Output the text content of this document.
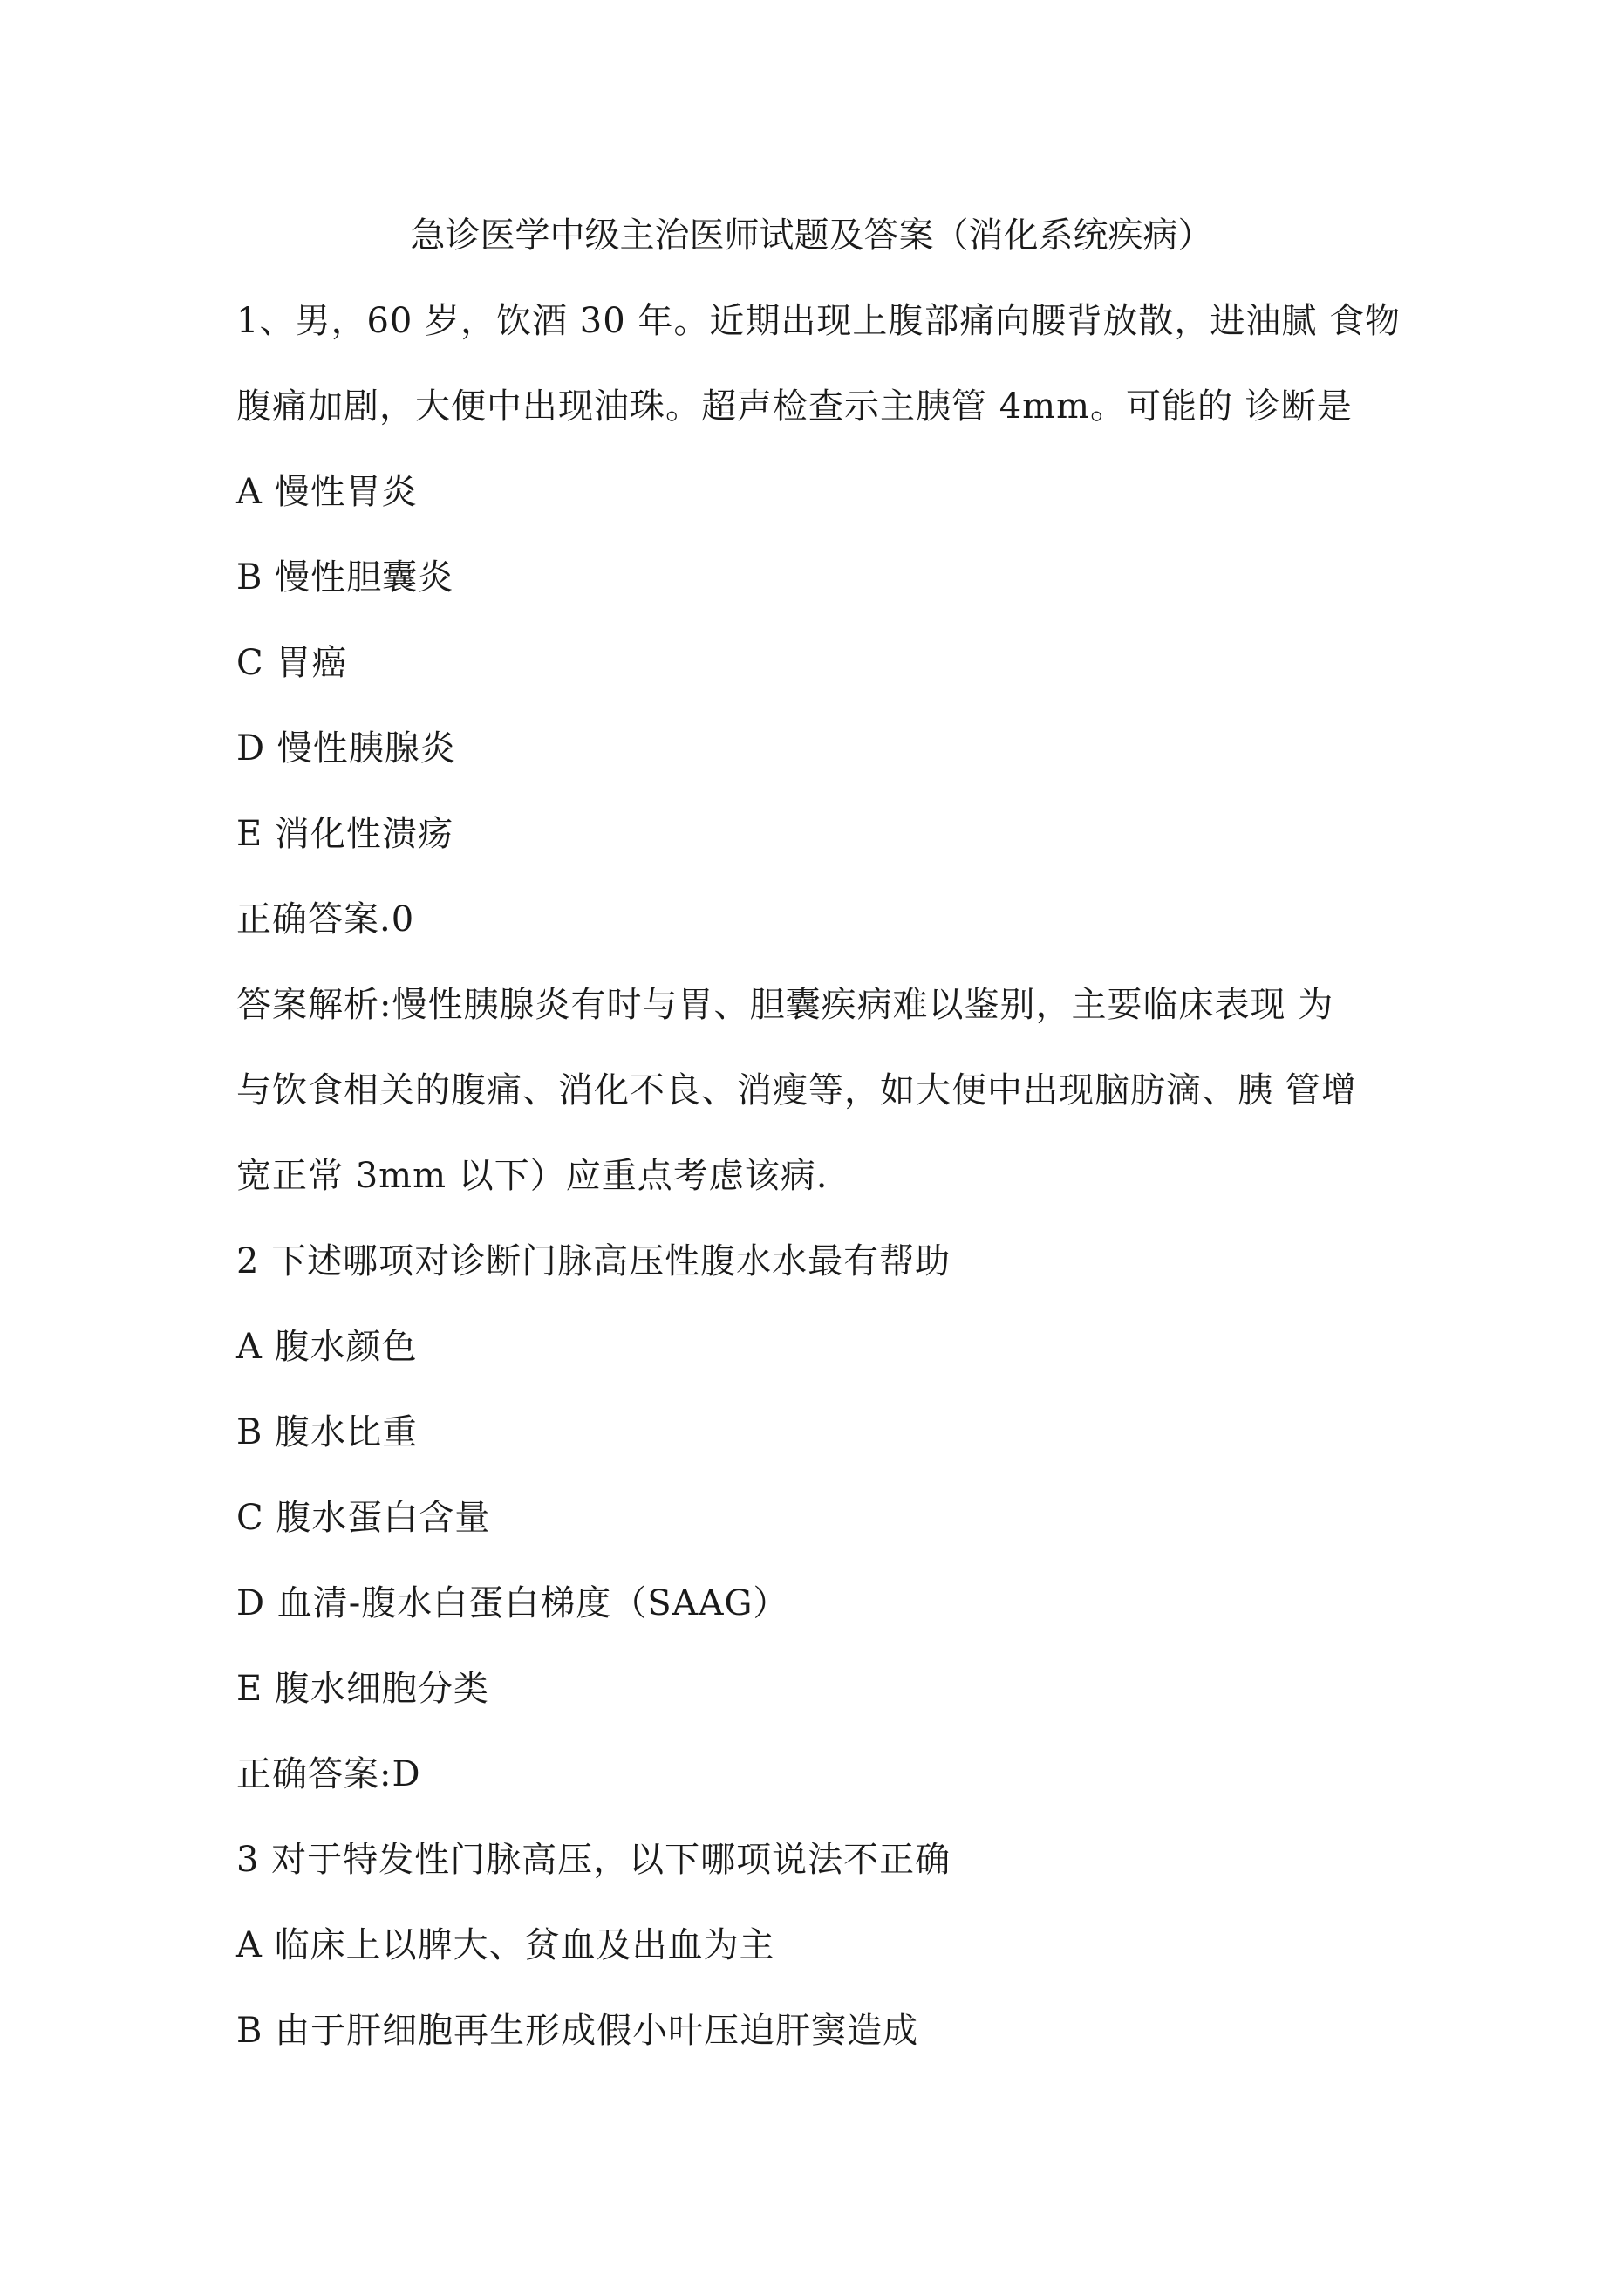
急诊医学中级主治医师试题及答案（消化系统疾病）
1、男，60 岁，饮酒 30 年。近期出现上腹部痛向腰背放散，进油腻 食物
腹痛加剧，大便中出现油珠。超声检查示主胰管 4mm。可能的 诊断是
A 慢性胃炎
B 慢性胆囊炎
C 胃癌
D 慢性胰腺炎
E 消化性溃疡
正确答案.0
答案解析:慢性胰腺炎有时与胃、胆囊疾病难以鉴别，主要临床表现 为
与饮食相关的腹痛、消化不良、消瘦等，如大便中出现脑肪滴、胰 管增
宽正常 3mm 以下）应重点考虑该病.
2 下述哪项对诊断门脉高压性腹水水最有帮助
A 腹水颜色
B 腹水比重
C 腹水蛋白含量
D 血清-腹水白蛋白梯度（SAAG）
E 腹水细胞分类
正确答案:D
3 对于特发性门脉高压，以下哪项说法不正确
A 临床上以脾大、贫血及出血为主
B 由于肝细胞再生形成假小叶压迫肝窦造成
